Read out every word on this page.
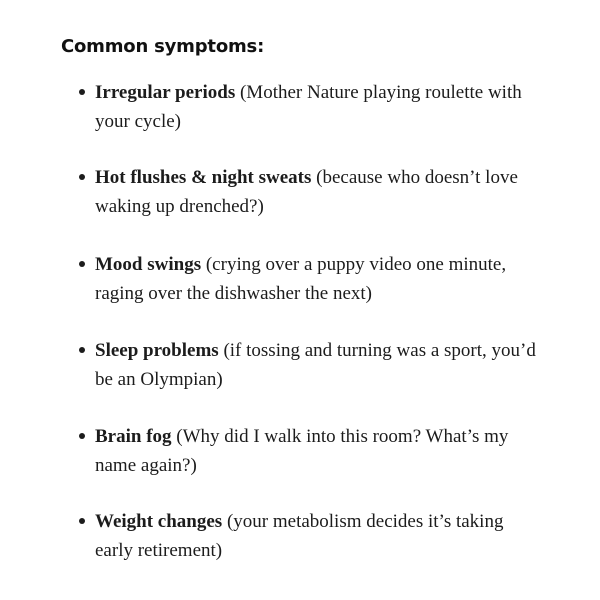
Common symptoms:
Irregular periods (Mother Nature playing roulette with your cycle)
Hot flushes & night sweats (because who doesn’t love waking up drenched?)
Mood swings (crying over a puppy video one minute, raging over the dishwasher the next)
Sleep problems (if tossing and turning was a sport, you’d be an Olympian)
Brain fog (Why did I walk into this room? What’s my name again?)
Weight changes (your metabolism decides it’s taking early retirement)
